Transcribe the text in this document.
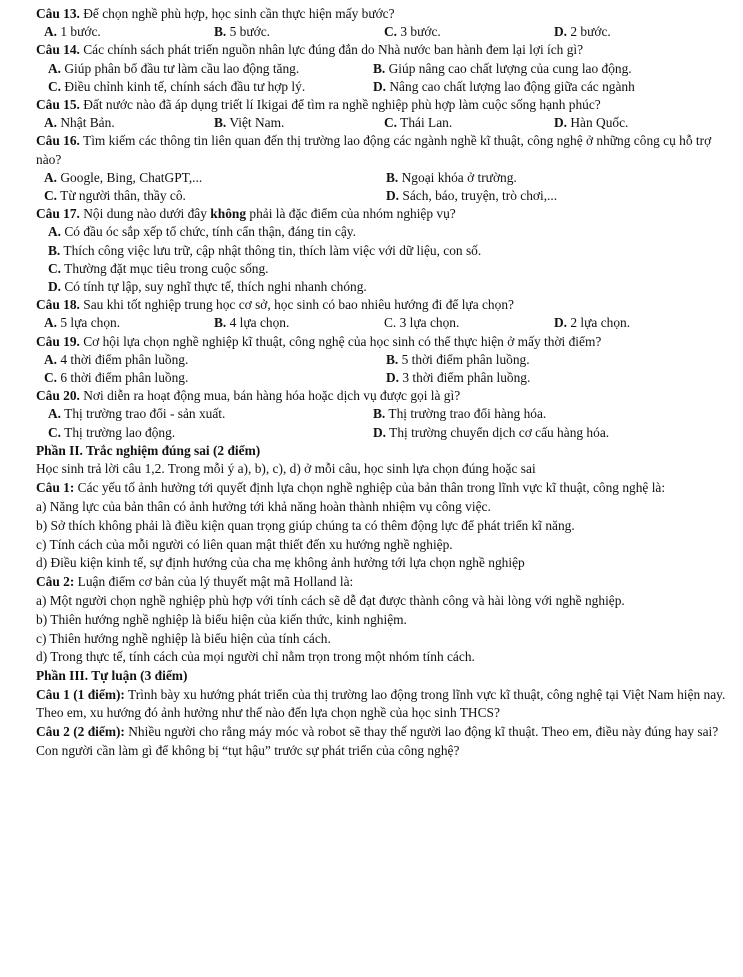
Câu 13. Để chọn nghề phù hợp, học sinh cần thực hiện mấy bước?

A. 1 bước.	B. 5 bước.	C. 3 bước.	D. 2 bước.

Câu 14. Các chính sách phát triển nguồn nhân lực đúng đắn do Nhà nước ban hành đem lại lợi ích gì?

A. Giúp phân bổ đầu tư làm cầu lao động tăng.	B. Giúp nâng cao chất lượng của cung lao động.
C. Điều chỉnh kinh tế, chính sách đầu tư hợp lý.	D. Nâng cao chất lượng lao động giữa các ngành

Câu 15. Đất nước nào đã áp dụng triết lí Ikigai để tìm ra nghề nghiệp phù hợp làm cuộc sống hạnh phúc?

A. Nhật Bản.	B. Việt Nam.	C. Thái Lan.	D. Hàn Quốc.

Câu 16. Tìm kiếm các thông tin liên quan đến thị trường lao động các ngành nghề kĩ thuật, công nghệ ở những công cụ hỗ trợ nào?

A. Google, Bing, ChatGPT,...	B. Ngoại khóa ở trường.
C. Từ người thân, thầy cô.	D. Sách, báo, truyện, trò chơi,...

Câu 17. Nội dung nào dưới đây không phải là đặc điểm của nhóm nghiệp vụ?

A. Có đầu óc sắp xếp tổ chức, tính cẩn thận, đáng tin cậy.
B. Thích công việc lưu trữ, cập nhật thông tin, thích làm việc với dữ liệu, con số.
C. Thường đặt mục tiêu trong cuộc sống.
D. Có tính tự lập, suy nghĩ thực tế, thích nghi nhanh chóng.

Câu 18. Sau khi tốt nghiệp trung học cơ sở, học sinh có bao nhiêu hướng đi để lựa chọn?

A. 5 lựa chọn.	B. 4 lựa chọn.	C. 3 lựa chọn.	D. 2 lựa chọn.

Câu 19. Cơ hội lựa chọn nghề nghiệp kĩ thuật, công nghệ của học sinh có thể thực hiện ở mấy thời điểm?

A. 4 thời điểm phân luồng.	B. 5 thời điểm phân luồng.
C. 6 thời điểm phân luồng.	D. 3 thời điểm phân luồng.

Câu 20. Nơi diễn ra hoạt động mua, bán hàng hóa hoặc dịch vụ được gọi là gì?

A. Thị trường trao đổi - sản xuất.	B. Thị trường trao đổi hàng hóa.
C. Thị trường lao động.	D. Thị trường chuyển dịch cơ cấu hàng hóa.
Phần II. Trắc nghiệm đúng sai (2 điểm)
Học sinh trả lời câu 1,2. Trong mỗi ý a), b), c), d) ở mỗi câu, học sinh lựa chọn đúng hoặc sai
Câu 1: Các yếu tố ảnh hưởng tới quyết định lựa chọn nghề nghiệp của bản thân trong lĩnh vực kĩ thuật, công nghệ là:
a) Năng lực của bản thân có ảnh hưởng tới khả năng hoàn thành nhiệm vụ công việc.
b) Sở thích không phải là điều kiện quan trọng giúp chúng ta có thêm động lực để phát triển kĩ năng.
c) Tính cách của mỗi người có liên quan mật thiết đến xu hướng nghề nghiệp.
d) Điều kiện kinh tế, sự định hướng của cha mẹ không ảnh hưởng tới lựa chọn nghề nghiệp
Câu 2: Luận điểm cơ bản của lý thuyết mật mã Holland là:
a) Một người chọn nghề nghiệp phù hợp với tính cách sẽ dễ đạt được thành công và hài lòng với nghề nghiệp.
b) Thiên hướng nghề nghiệp là biểu hiện của kiến thức, kinh nghiệm.
c) Thiên hướng nghề nghiệp là biểu hiện của tính cách.
d) Trong thực tế, tính cách của mọi người chỉ nằm trọn trong một nhóm tính cách.
Phần III. Tự luận (3 điểm)
Câu 1 (1 điểm): Trình bày xu hướng phát triển của thị trường lao động trong lĩnh vực kĩ thuật, công nghệ tại Việt Nam hiện nay. Theo em, xu hướng đó ảnh hưởng như thế nào đến lựa chọn nghề của học sinh THCS?
Câu 2 (2 điểm): Nhiều người cho rằng máy móc và robot sẽ thay thế người lao động kĩ thuật. Theo em, điều này đúng hay sai? Con người cần làm gì để không bị “tụt hậu” trước sự phát triển của công nghệ?
